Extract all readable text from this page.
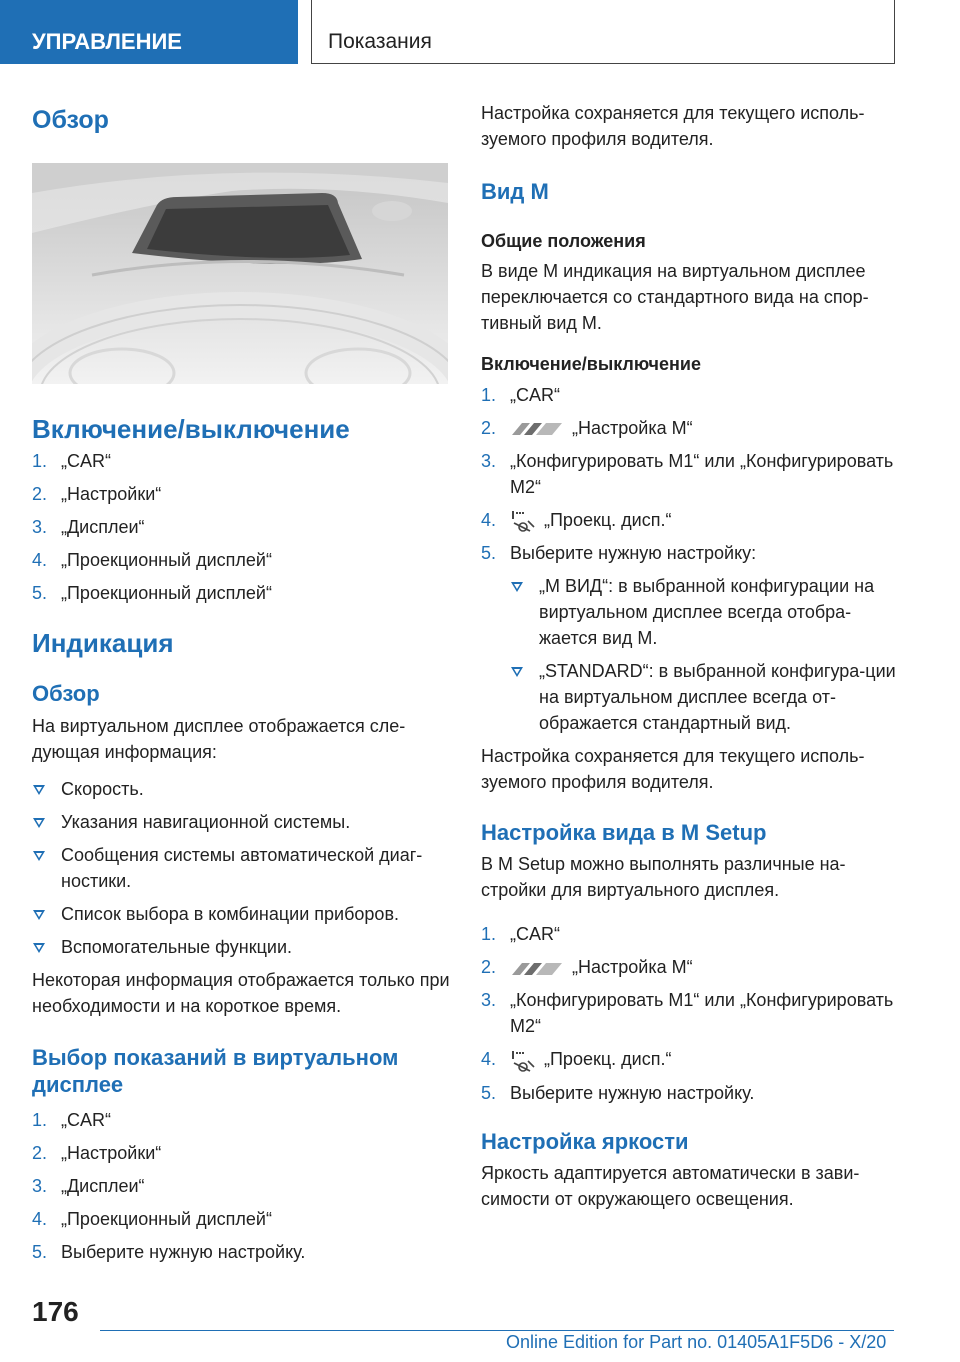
УПРАВЛЕНИЕ	Показания
Обзор
Включение/выключение
1. „CAR“
2. „Настройки“
3. „Дисплеи“
4. „Проекционный дисплей“
5. „Проекционный дисплей“
Индикация
Обзор

На виртуальном дисплее отображается сле-дующая информация:

Скорость.
Указания навигационной системы.
Сообщения системы автоматической диаг-ностики.
Список выбора в комбинации приборов.
Вспомогательные функции.

Некоторая информация отображается только при необходимости и на короткое время.

Выбор показаний в виртуальном дисплее
1. „CAR“
2. „Настройки“
3. „Дисплеи“
4. „Проекционный дисплей“
5. Выберите нужную настройку.

Настройка сохраняется для текущего исполь-зуемого профиля водителя.

Вид M
Общие положения

В виде M индикация на виртуальном дисплее переключается со стандартного вида на спор-тивный вид M.

Включение/выключение
1. „CAR“
2.	„Настройка M“
3. „Конфигурировать M1“ или „Конфигурировать M2“
4.	„Проекц. дисп.“
5. Выберите нужную настройку:
„M ВИД“: в выбранной конфигурации на виртуальном дисплее всегда отобра-жается вид M.
„STANDARD“: в выбранной конфигура-ции на виртуальном дисплее всегда от-ображается стандартный вид.

Настройка сохраняется для текущего исполь-зуемого профиля водителя.

Настройка вида в M Setup

В M Setup можно выполнять различные на-стройки для виртуального дисплея.

1. „CAR“
2.	„Настройка M“
3. „Конфигурировать M1“ или „Конфигурировать M2“
4.	„Проекц. дисп.“
5. Выберите нужную настройку.
Настройка яркости

Яркость адаптируется автоматически в зави-симости от окружающего освещения.

176
Online Edition for Part no. 01405A1F5D6 - X/20
